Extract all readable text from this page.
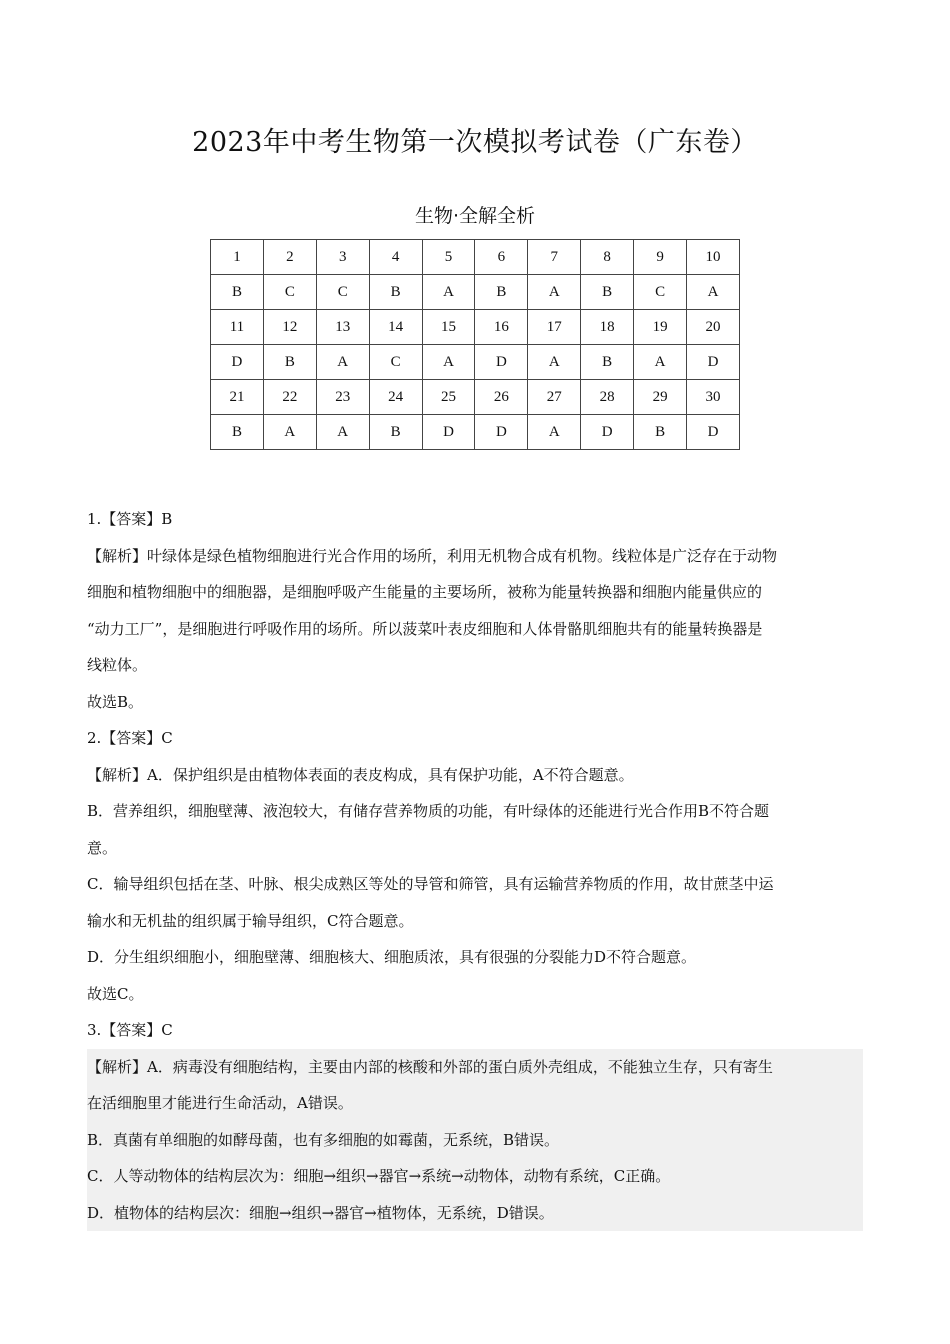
2023年中考生物第一次模拟考试卷（广东卷）
生物·全解全析
1	2	3	4	5	6	7	8	9	10
B	C	C	B	A	B	A	B	C	A
11	12	13	14	15	16	17	18	19	20
D	B	A	C	A	D	A	B	A	D
21	22	23	24	25	26	27	28	29	30
B	A	A	B	D	D	A	D	B	D

1.【答案】B

【解析】叶绿体是绿色植物细胞进行光合作用的场所，利用无机物合成有机物。线粒体是广泛存在于动物

细胞和植物细胞中的细胞器，是细胞呼吸产生能量的主要场所，被称为能量转换器和细胞内能量供应的

“动力工厂”，是细胞进行呼吸作用的场所。所以菠菜叶表皮细胞和人体骨骼肌细胞共有的能量转换器是

线粒体。

故选B。

2.【答案】C

【解析】A．保护组织是由植物体表面的表皮构成，具有保护功能，A不符合题意。

B．营养组织，细胞壁薄、液泡较大，有储存营养物质的功能，有叶绿体的还能进行光合作用B不符合题

意。

C．输导组织包括在茎、叶脉、根尖成熟区等处的导管和筛管，具有运输营养物质的作用，故甘蔗茎中运

输水和无机盐的组织属于输导组织，C符合题意。

D．分生组织细胞小，细胞壁薄、细胞核大、细胞质浓，具有很强的分裂能力D不符合题意。

故选C。

3.【答案】C

【解析】A．病毒没有细胞结构，主要由内部的核酸和外部的蛋白质外壳组成，不能独立生存，只有寄生

在活细胞里才能进行生命活动，A错误。

B．真菌有单细胞的如酵母菌，也有多细胞的如霉菌，无系统，B错误。

C．人等动物体的结构层次为：细胞→组织→器官→系统→动物体，动物有系统，C正确。

D．植物体的结构层次：细胞→组织→器官→植物体，无系统，D错误。
